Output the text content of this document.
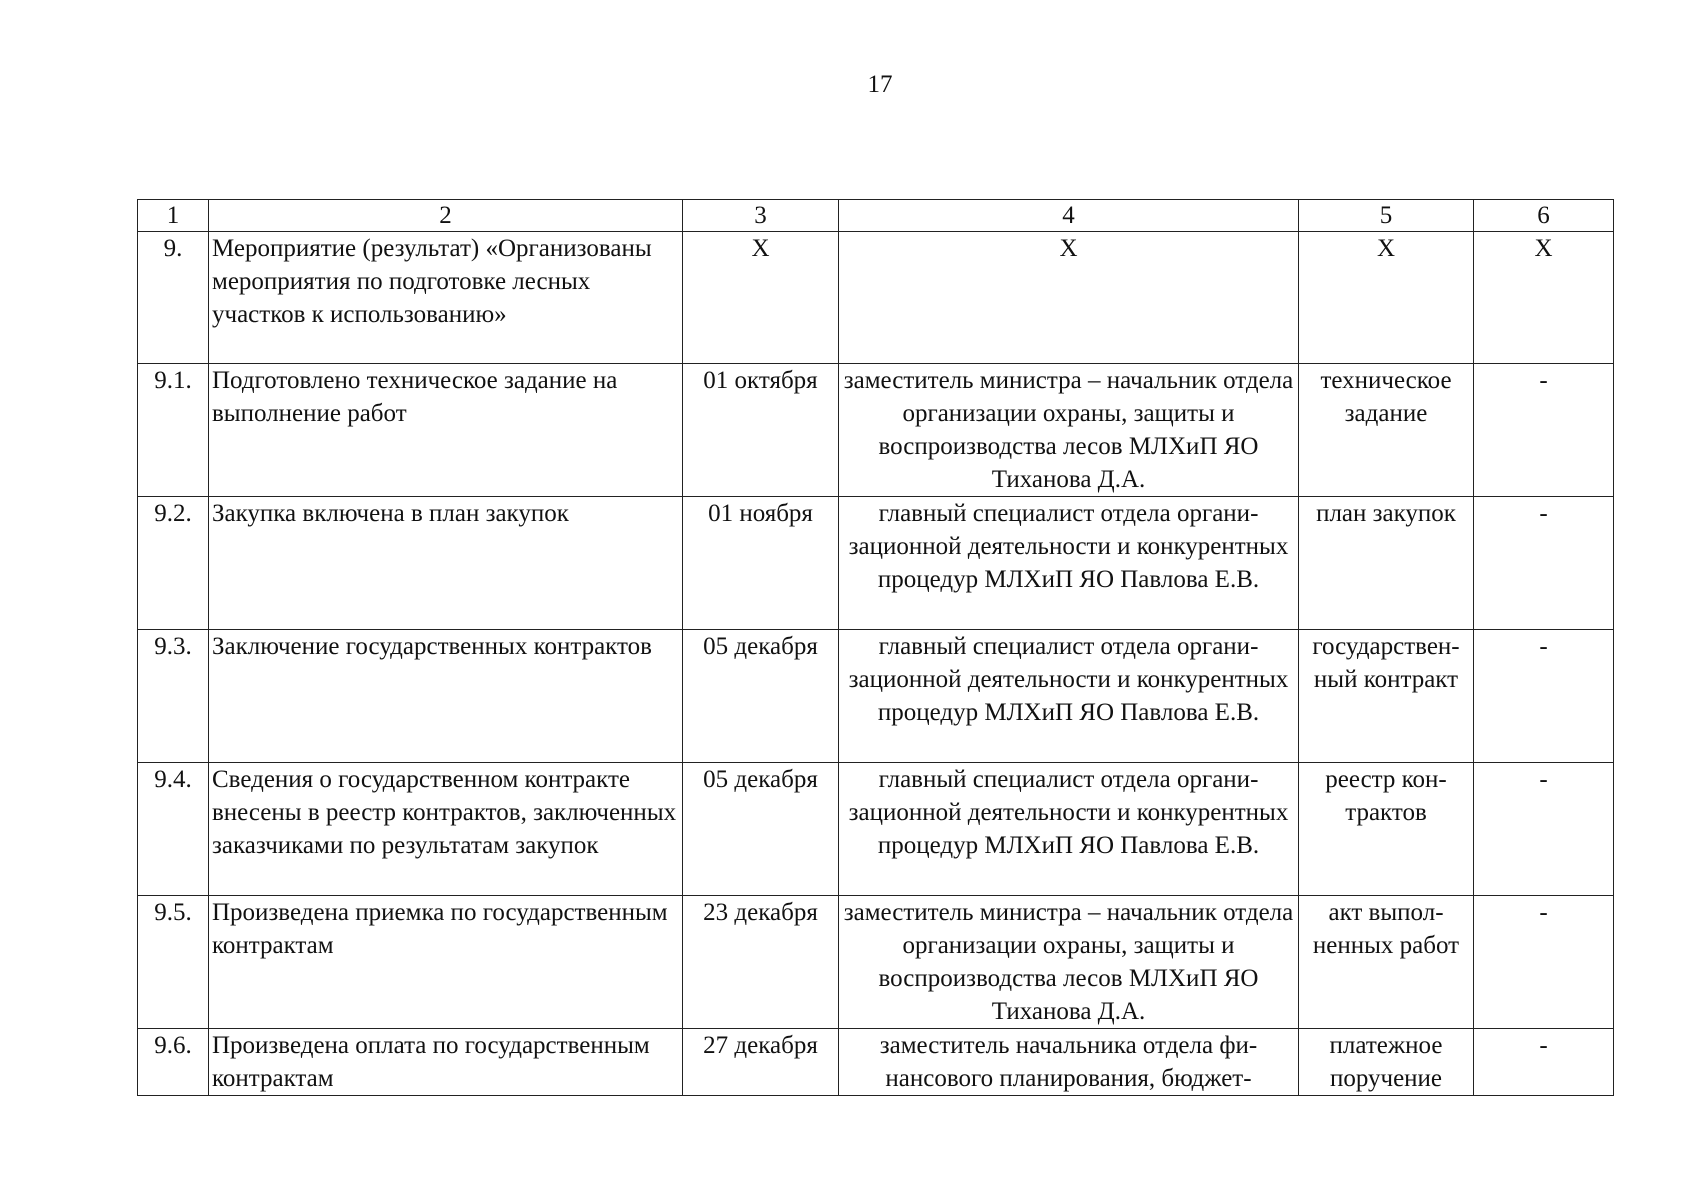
17
1	2	3	4	5	6
9.	Мероприятие (результат) «Организованы мероприятия по подготовке лесных участков к использованию»	Х	Х	Х	Х
9.1.	Подготовлено техническое задание на выполнение работ	01 октября	заместитель министра – начальник отдела организации охраны, защиты и воспроизводства лесов МЛХиП ЯО Тиханова Д.А.	техническое задание	-
9.2.	Закупка включена в план закупок	01 ноября	главный специалист отдела организационной деятельности и конкурентных процедур МЛХиП ЯО Павлова Е.В.	план закупок	-
9.3.	Заключение государственных контрактов	05 декабря	главный специалист отдела организационной деятельности и конкурентных процедур МЛХиП ЯО Павлова Е.В.	государственный контракт	-
9.4.	Сведения о государственном контракте внесены в реестр контрактов, заключенных заказчиками по результатам закупок	05 декабря	главный специалист отдела организационной деятельности и конкурентных процедур МЛХиП ЯО Павлова Е.В.	реестр контрактов	-
9.5.	Произведена приемка по государственным контрактам	23 декабря	заместитель министра – начальник отдела организации охраны, защиты и воспроизводства лесов МЛХиП ЯО Тиханова Д.А.	акт выполненных работ	-
9.6.	Произведена оплата по государственным контрактам	27 декабря	заместитель начальника отдела финансового планирования, бюджет-	платежное поручение	-
